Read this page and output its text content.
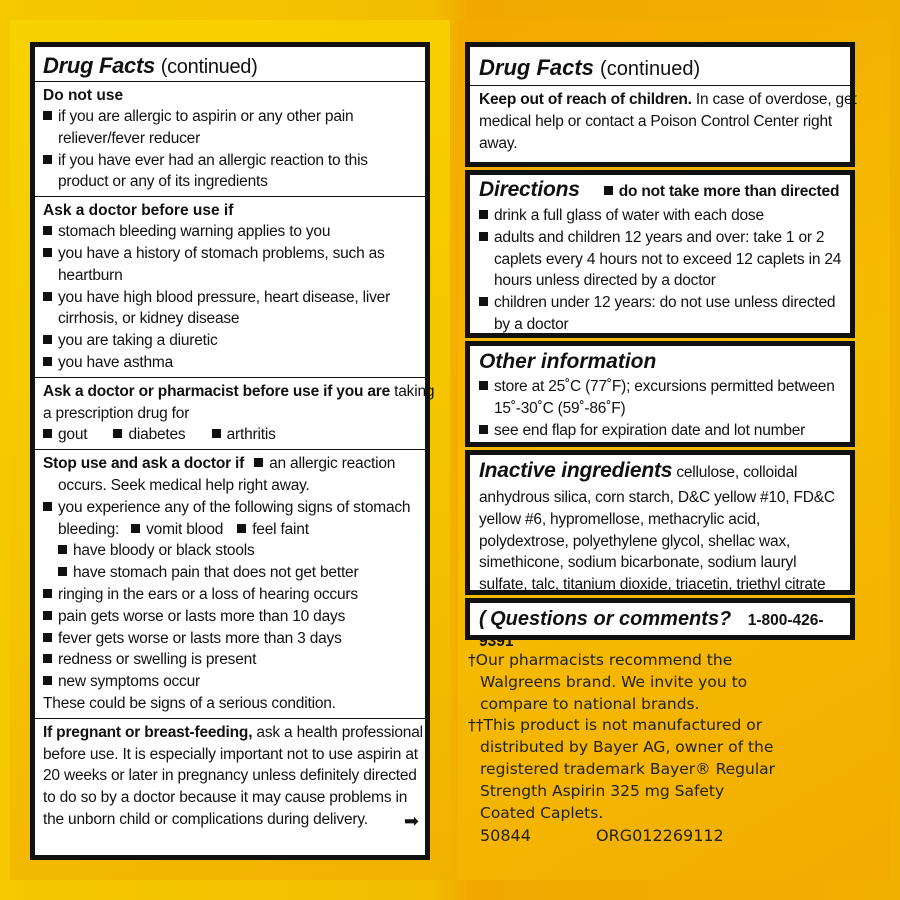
Drug Facts (continued)
Do not use
if you are allergic to aspirin or any other pain
reliever/fever reducer
if you have ever had an allergic reaction to this
product or any of its ingredients
Ask a doctor before use if
stomach bleeding warning applies to you
you have a history of stomach problems, such as
heartburn
you have high blood pressure, heart disease, liver
cirrhosis, or kidney disease
you are taking a diuretic
you have asthma
Ask a doctor or pharmacist before use if you are taking
a prescription drug for
gout	diabetes	arthritis
Stop use and ask a doctor if an allergic reaction
occurs. Seek medical help right away.
you experience any of the following signs of stomach
bleeding: vomit blood feel faint
have bloody or black stools
have stomach pain that does not get better
ringing in the ears or a loss of hearing occurs
pain gets worse or lasts more than 10 days
fever gets worse or lasts more than 3 days
redness or swelling is present
new symptoms occur
These could be signs of a serious condition.
If pregnant or breast-feeding, ask a health professional
before use. It is especially important not to use aspirin at
20 weeks or later in pregnancy unless definitely directed
to do so by a doctor because it may cause problems in
the unborn child or complications during delivery.	➡
Drug Facts (continued)
Keep out of reach of children. In case of overdose, get
medical help or contact a Poison Control Center right
away.
Directions	do not take more than directed
drink a full glass of water with each dose
adults and children 12 years and over: take 1 or 2
caplets every 4 hours not to exceed 12 caplets in 24
hours unless directed by a doctor
children under 12 years: do not use unless directed
by a doctor
Other information
store at 25˚C (77˚F); excursions permitted between
15˚-30˚C (59˚-86˚F)
see end flap for expiration date and lot number
Inactive ingredients cellulose, colloidal
anhydrous silica, corn starch, D&C yellow #10, FD&C
yellow #6, hypromellose, methacrylic acid,
polydextrose, polyethylene glycol, shellac wax,
simethicone, sodium bicarbonate, sodium lauryl
sulfate, talc, titanium dioxide, triacetin, triethyl citrate
( Questions or comments? 1-800-426-9391
†Our pharmacists recommend the
Walgreens brand. We invite you to
compare to national brands.
††This product is not manufactured or
distributed by Bayer AG, owner of the
registered trademark Bayer® Regular
Strength Aspirin 325 mg Safety
Coated Caplets.
50844	ORG012269112
